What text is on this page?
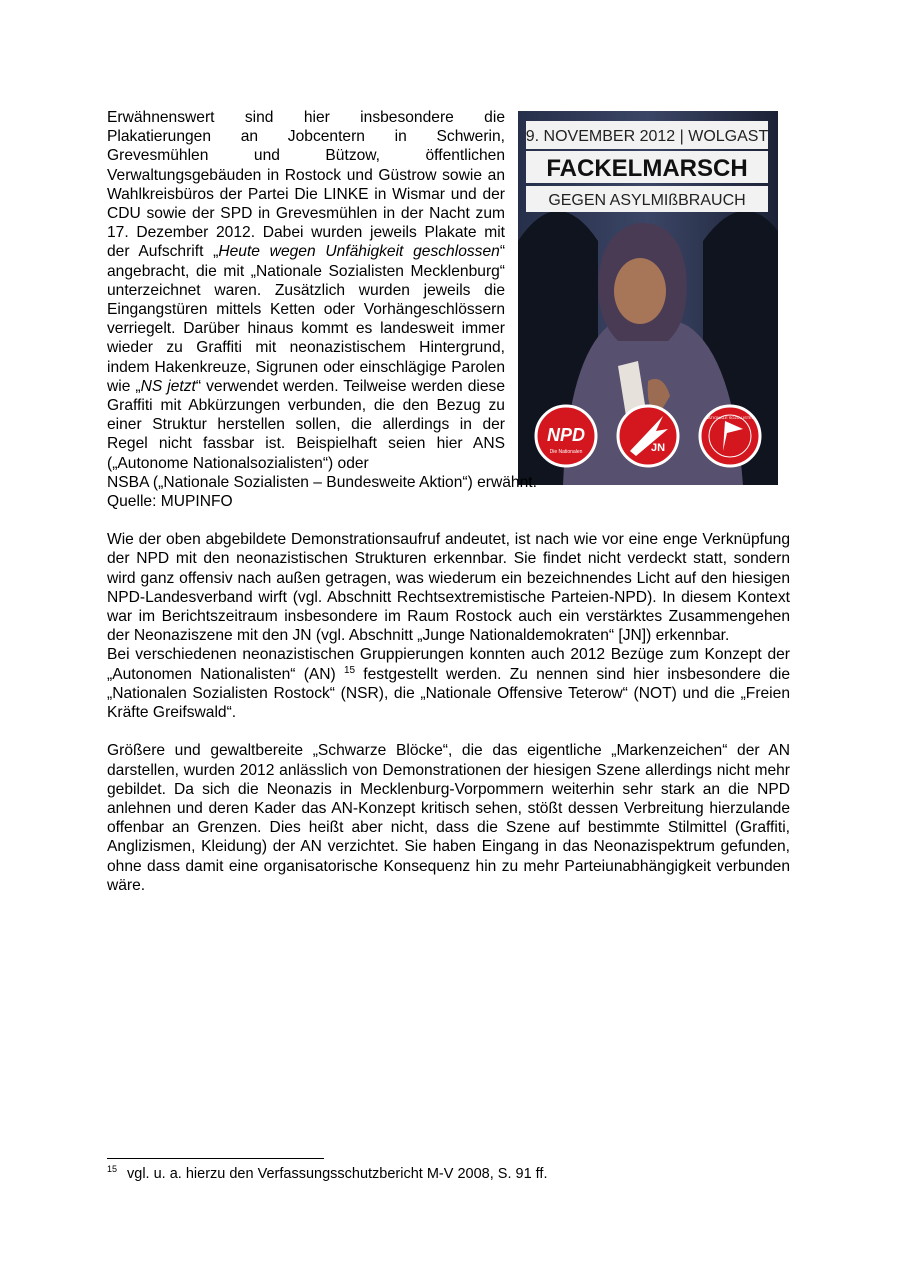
9. NOVEMBER 2012 | WOLGAST
FACKELMARSCH
GEGEN ASYLMIßBRAUCH
NPD
Die Nationalen	JN
NATIONALE SOZIALISTEN

Erwähnenswert sind hier insbesondere die Plakatierungen an Jobcentern in Schwerin, Grevesmühlen und Bützow, öffentlichen Verwaltungsgebäuden in Rostock und Güstrow sowie an Wahlkreisbüros der Partei Die LINKE in Wismar und der CDU sowie der SPD in Grevesmühlen in der Nacht zum 17. Dezember 2012. Dabei wurden jeweils Plakate mit der Aufschrift „Heute wegen Unfähigkeit geschlossen“ angebracht, die mit „Nationale Sozialisten Mecklenburg“ unterzeichnet waren. Zusätzlich wurden jeweils die Eingangstüren mittels Ketten oder Vorhängeschlössern verriegelt. Darüber hinaus kommt es landesweit immer wieder zu Graffiti mit neonazistischem Hintergrund, indem Hakenkreuze, Sigrunen oder einschlägige Parolen wie „NS jetzt“ verwendet werden. Teilweise werden diese Graffiti mit Abkürzungen verbunden, die den Bezug zu einer Struktur herstellen sollen, die allerdings in der Regel nicht fassbar ist. Beispielhaft seien hier ANS („Autonome Nationalsozialisten“) oder

NSBA („Nationale Sozialisten – Bundesweite Aktion“) erwähnt.

Quelle: MUPINFO

Wie der oben abgebildete Demonstrationsaufruf andeutet, ist nach wie vor eine enge Verknüpfung der NPD mit den neonazistischen Strukturen erkennbar. Sie findet nicht verdeckt statt, sondern wird ganz offensiv nach außen getragen, was wiederum ein bezeichnendes Licht auf den hiesigen NPD-Landesverband wirft (vgl. Abschnitt Rechtsextremistische Parteien-NPD). In diesem Kontext war im Berichtszeitraum insbesondere im Raum Rostock auch ein verstärktes Zusammengehen der Neonaziszene mit den JN (vgl. Abschnitt „Junge Nationaldemokraten“ [JN]) erkennbar.

Bei verschiedenen neonazistischen Gruppierungen konnten auch 2012 Bezüge zum Konzept der „Autonomen Nationalisten“ (AN) $^{15}$ festgestellt werden. Zu nennen sind hier insbesondere die „Nationalen Sozialisten Rostock“ (NSR), die „Nationale Offensive Teterow“ (NOT) und die „Freien Kräfte Greifswald“.

Größere und gewaltbereite „Schwarze Blöcke“, die das eigentliche „Markenzeichen“ der AN darstellen, wurden 2012 anlässlich von Demonstrationen der hiesigen Szene allerdings nicht mehr gebildet. Da sich die Neonazis in Mecklenburg-Vorpommern weiterhin sehr stark an die NPD anlehnen und deren Kader das AN-Konzept kritisch sehen, stößt dessen Verbreitung hierzulande offenbar an Grenzen. Dies heißt aber nicht, dass die Szene auf bestimmte Stilmittel (Graffiti, Anglizismen, Kleidung) der AN verzichtet. Sie haben Eingang in das Neonazispektrum gefunden, ohne dass damit eine organisatorische Konsequenz hin zu mehr Parteiunabhängigkeit verbunden wäre.

$^{15}$ vgl. u. a. hierzu den Verfassungsschutzbericht M-V 2008, S. 91 ff.
